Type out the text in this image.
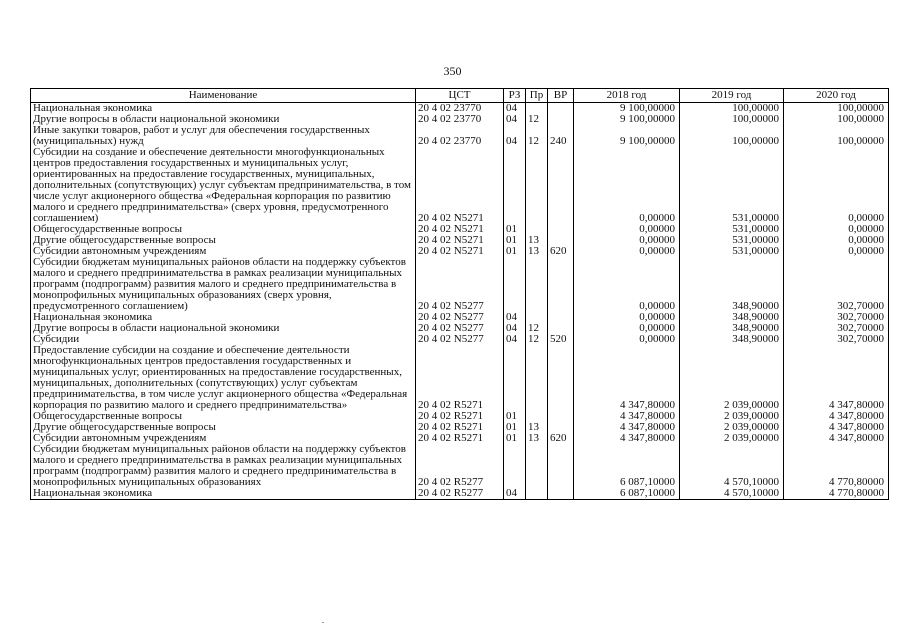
350
Наименование	ЦСТ	РЗ	Пр	ВР	2018 год	2019 год	2020 год
Национальная экономика	20 4 02 23770	04			9 100,00000	100,00000	100,00000
Другие вопросы в области национальной экономики	20 4 02 23770	04	12		9 100,00000	100,00000	100,00000
Иные закупки товаров, работ и услуг для обеспечения государственных (муниципальных) нужд	20 4 02 23770	04	12	240	9 100,00000	100,00000	100,00000
Субсидии на создание и обеспечение деятельности многофункциональных центров предоставления государственных и муниципальных услуг, ориентированных на предоставление государственных, муниципальных, дополнительных (сопутствующих) услуг субъектам предпринимательства, в том числе услуг акционерного общества «Федеральная корпорация по развитию малого и среднего предпринимательства» (сверх уровня, предусмотренного соглашением)	20 4 02 N5271				0,00000	531,00000	0,00000
Общегосударственные вопросы	20 4 02 N5271	01			0,00000	531,00000	0,00000
Другие общегосударственные вопросы	20 4 02 N5271	01	13		0,00000	531,00000	0,00000
Субсидии автономным учреждениям	20 4 02 N5271	01	13	620	0,00000	531,00000	0,00000
Субсидии бюджетам муниципальных районов области на поддержку субъектов малого и среднего предпринимательства в рамках реализации муниципальных программ (подпрограмм) развития малого и среднего предпринимательства в монопрофильных муниципальных образованиях (сверх уровня, предусмотренного соглашением)	20 4 02 N5277				0,00000	348,90000	302,70000
Национальная экономика	20 4 02 N5277	04			0,00000	348,90000	302,70000
Другие вопросы в области национальной экономики	20 4 02 N5277	04	12		0,00000	348,90000	302,70000
Субсидии	20 4 02 N5277	04	12	520	0,00000	348,90000	302,70000
Предоставление субсидии на создание и обеспечение деятельности многофункциональных центров предоставления государственных и муниципальных услуг, ориентированных на предоставление государственных, муниципальных, дополнительных (сопутствующих) услуг субъектам предпринимательства, в том числе услуг акционерного общества «Федеральная корпорация по развитию малого и среднего предпринимательства»	20 4 02 R5271				4 347,80000	2 039,00000	4 347,80000
Общегосударственные вопросы	20 4 02 R5271	01			4 347,80000	2 039,00000	4 347,80000
Другие общегосударственные вопросы	20 4 02 R5271	01	13		4 347,80000	2 039,00000	4 347,80000
Субсидии автономным учреждениям	20 4 02 R5271	01	13	620	4 347,80000	2 039,00000	4 347,80000
Субсидии бюджетам муниципальных районов области на поддержку субъектов малого и среднего предпринимательства в рамках реализации муниципальных программ (подпрограмм) развития малого и среднего предпринимательства в монопрофильных муниципальных образованиях	20 4 02 R5277				6 087,10000	4 570,10000	4 770,80000
Национальная экономика	20 4 02 R5277	04			6 087,10000	4 570,10000	4 770,80000
